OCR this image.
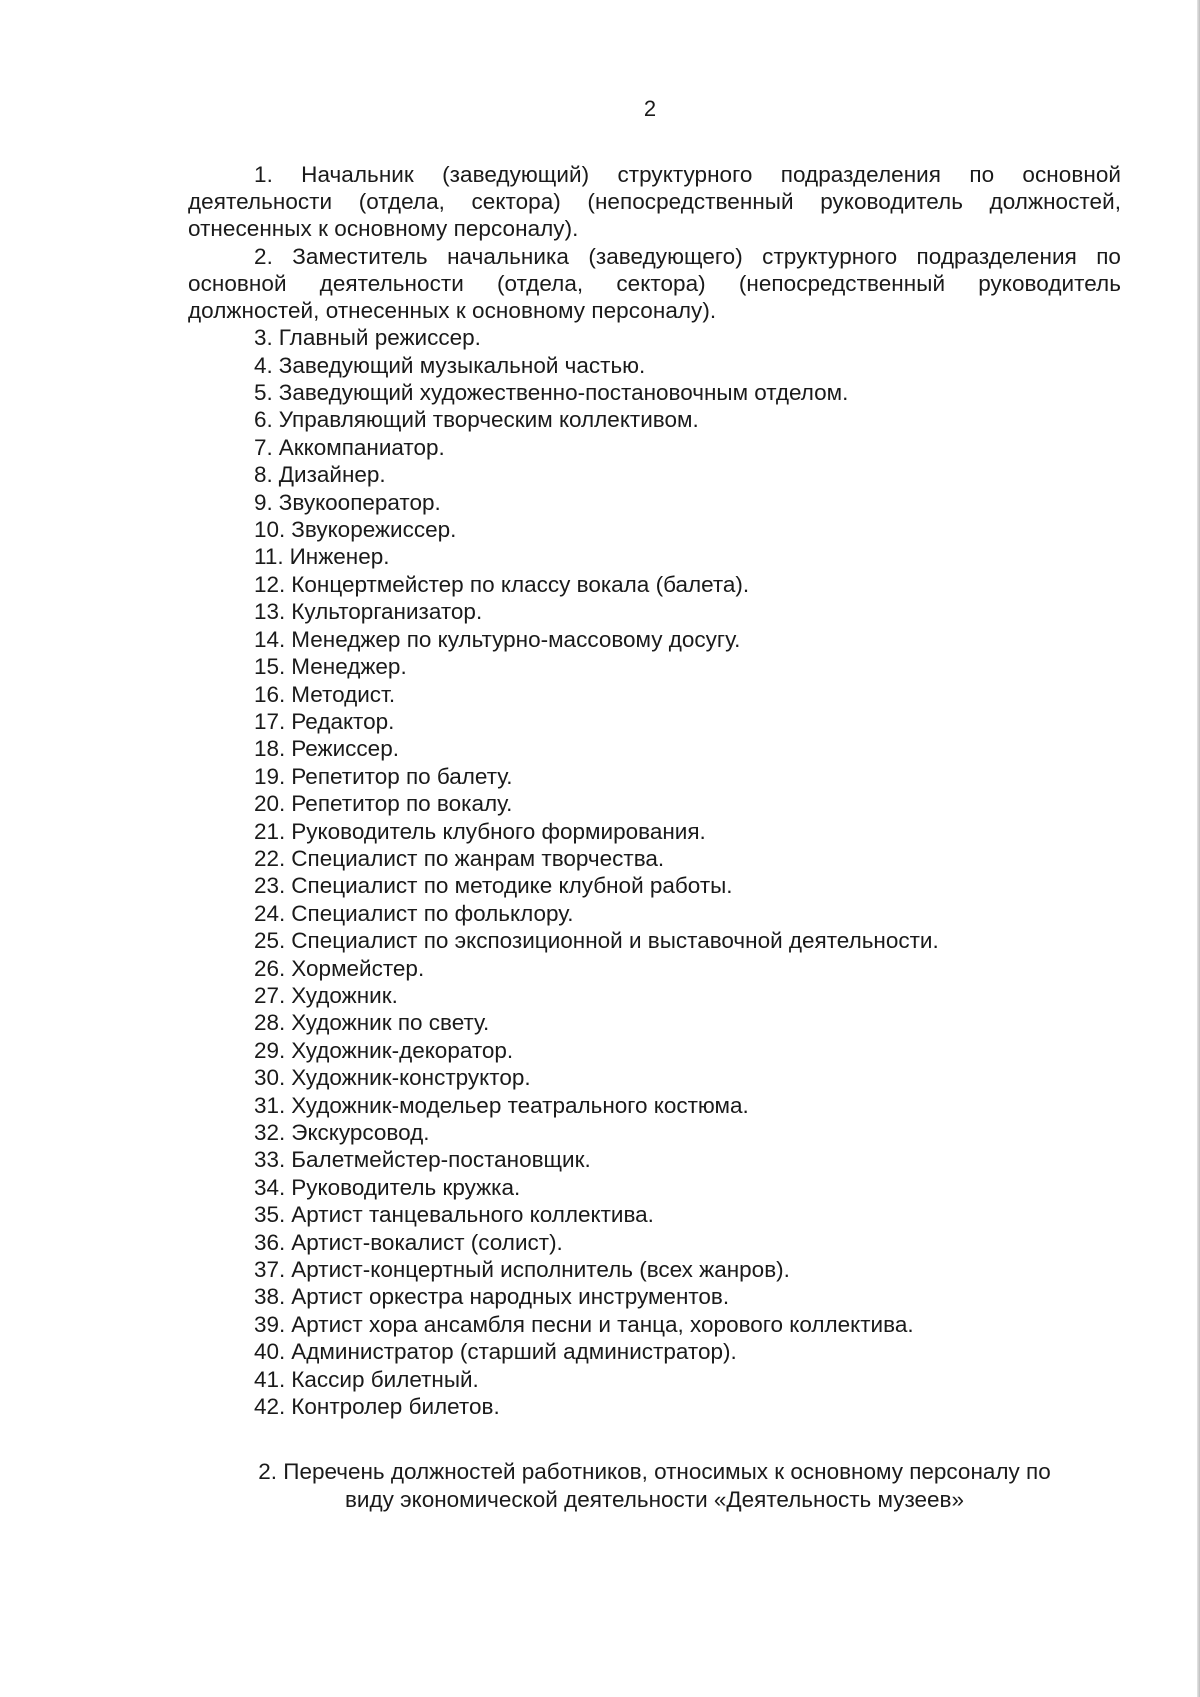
2

1. Начальник (заведующий) структурного подразделения по основной деятельности (отдела, сектора) (непосредственный руководитель должностей, отнесенных к основному персоналу).

2. Заместитель начальника (заведующего) структурного подразделения по основной деятельности (отдела, сектора) (непосредственный руководитель должностей, отнесенных к основному персоналу).

3. Главный режиссер.
4. Заведующий музыкальной частью.
5. Заведующий художественно-постановочным отделом.
6. Управляющий творческим коллективом.
7. Аккомпаниатор.
8. Дизайнер.
9. Звукооператор.
10. Звукорежиссер.
11. Инженер.
12. Концертмейстер по классу вокала (балета).
13. Культорганизатор.
14. Менеджер по культурно-массовому досугу.
15. Менеджер.
16. Методист.
17. Редактор.
18. Режиссер.
19. Репетитор по балету.
20. Репетитор по вокалу.
21. Руководитель клубного формирования.
22. Специалист по жанрам творчества.
23. Специалист по методике клубной работы.
24. Специалист по фольклору.
25. Специалист по экспозиционной и выставочной деятельности.
26. Хормейстер.
27. Художник.
28. Художник по свету.
29. Художник-декоратор.
30. Художник-конструктор.
31. Художник-модельер театрального костюма.
32. Экскурсовод.
33. Балетмейстер-постановщик.
34. Руководитель кружка.
35. Артист танцевального коллектива.
36. Артист-вокалист (солист).
37. Артист-концертный исполнитель (всех жанров).
38. Артист оркестра народных инструментов.
39. Артист хора ансамбля песни и танца, хорового коллектива.
40. Администратор (старший администратор).
41. Кассир билетный.
42. Контролер билетов.
2. Перечень должностей работников, относимых к основному персоналу по
виду экономической деятельности «Деятельность музеев»
